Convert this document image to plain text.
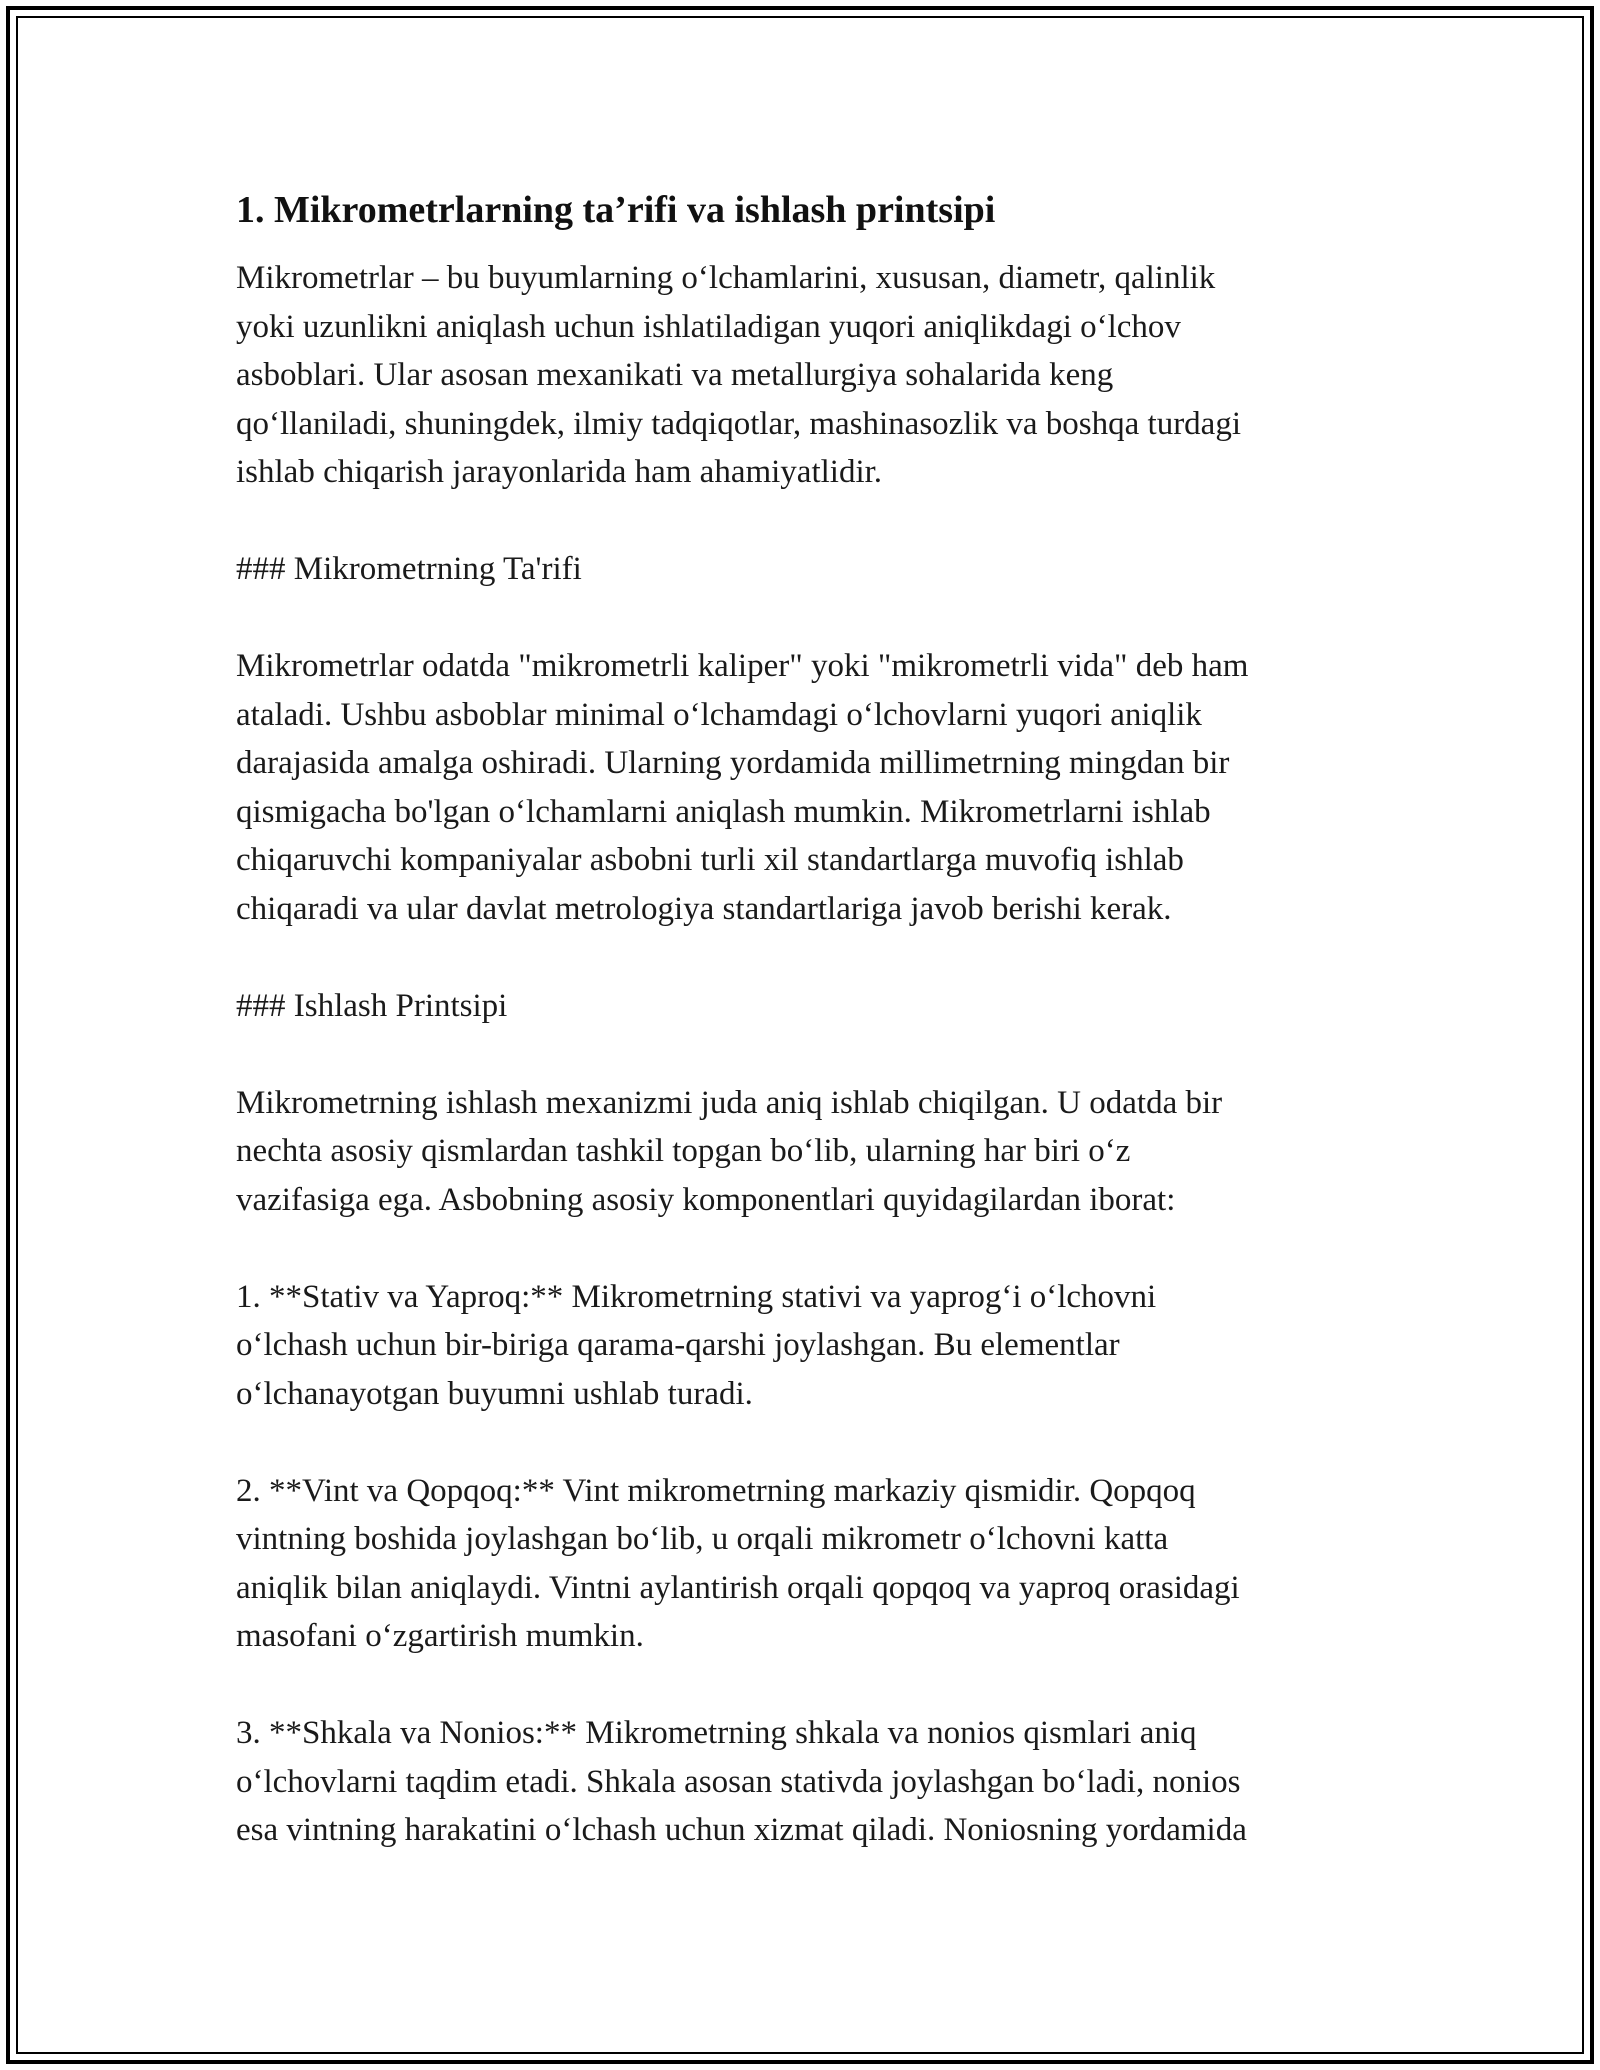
1. Mikrometrlarning ta’rifi va ishlash printsipi
Mikrometrlar – bu buyumlarning o‘lchamlarini, xususan, diametr, qalinlik
yoki uzunlikni aniqlash uchun ishlatiladigan yuqori aniqlikdagi o‘lchov
asboblari. Ular asosan mexanikati va metallurgiya sohalarida keng
qo‘llaniladi, shuningdek, ilmiy tadqiqotlar, mashinasozlik va boshqa turdagi
ishlab chiqarish jarayonlarida ham ahamiyatlidir.
### Mikrometrning Ta'rifi
Mikrometrlar odatda "mikrometrli kaliper" yoki "mikrometrli vida" deb ham
ataladi. Ushbu asboblar minimal o‘lchamdagi o‘lchovlarni yuqori aniqlik
darajasida amalga oshiradi. Ularning yordamida millimetrning mingdan bir
qismigacha bo'lgan o‘lchamlarni aniqlash mumkin. Mikrometrlarni ishlab
chiqaruvchi kompaniyalar asbobni turli xil standartlarga muvofiq ishlab
chiqaradi va ular davlat metrologiya standartlariga javob berishi kerak.
### Ishlash Printsipi
Mikrometrning ishlash mexanizmi juda aniq ishlab chiqilgan. U odatda bir
nechta asosiy qismlardan tashkil topgan bo‘lib, ularning har biri o‘z
vazifasiga ega. Asbobning asosiy komponentlari quyidagilardan iborat:
1. **Stativ va Yaproq:** Mikrometrning stativi va yaprog‘i o‘lchovni
o‘lchash uchun bir-biriga qarama-qarshi joylashgan. Bu elementlar
o‘lchanayotgan buyumni ushlab turadi.
2. **Vint va Qopqoq:** Vint mikrometrning markaziy qismidir. Qopqoq
vintning boshida joylashgan bo‘lib, u orqali mikrometr o‘lchovni katta
aniqlik bilan aniqlaydi. Vintni aylantirish orqali qopqoq va yaproq orasidagi
masofani o‘zgartirish mumkin.
3. **Shkala va Nonios:** Mikrometrning shkala va nonios qismlari aniq
o‘lchovlarni taqdim etadi. Shkala asosan stativda joylashgan bo‘ladi, nonios
esa vintning harakatini o‘lchash uchun xizmat qiladi. Noniosning yordamida
